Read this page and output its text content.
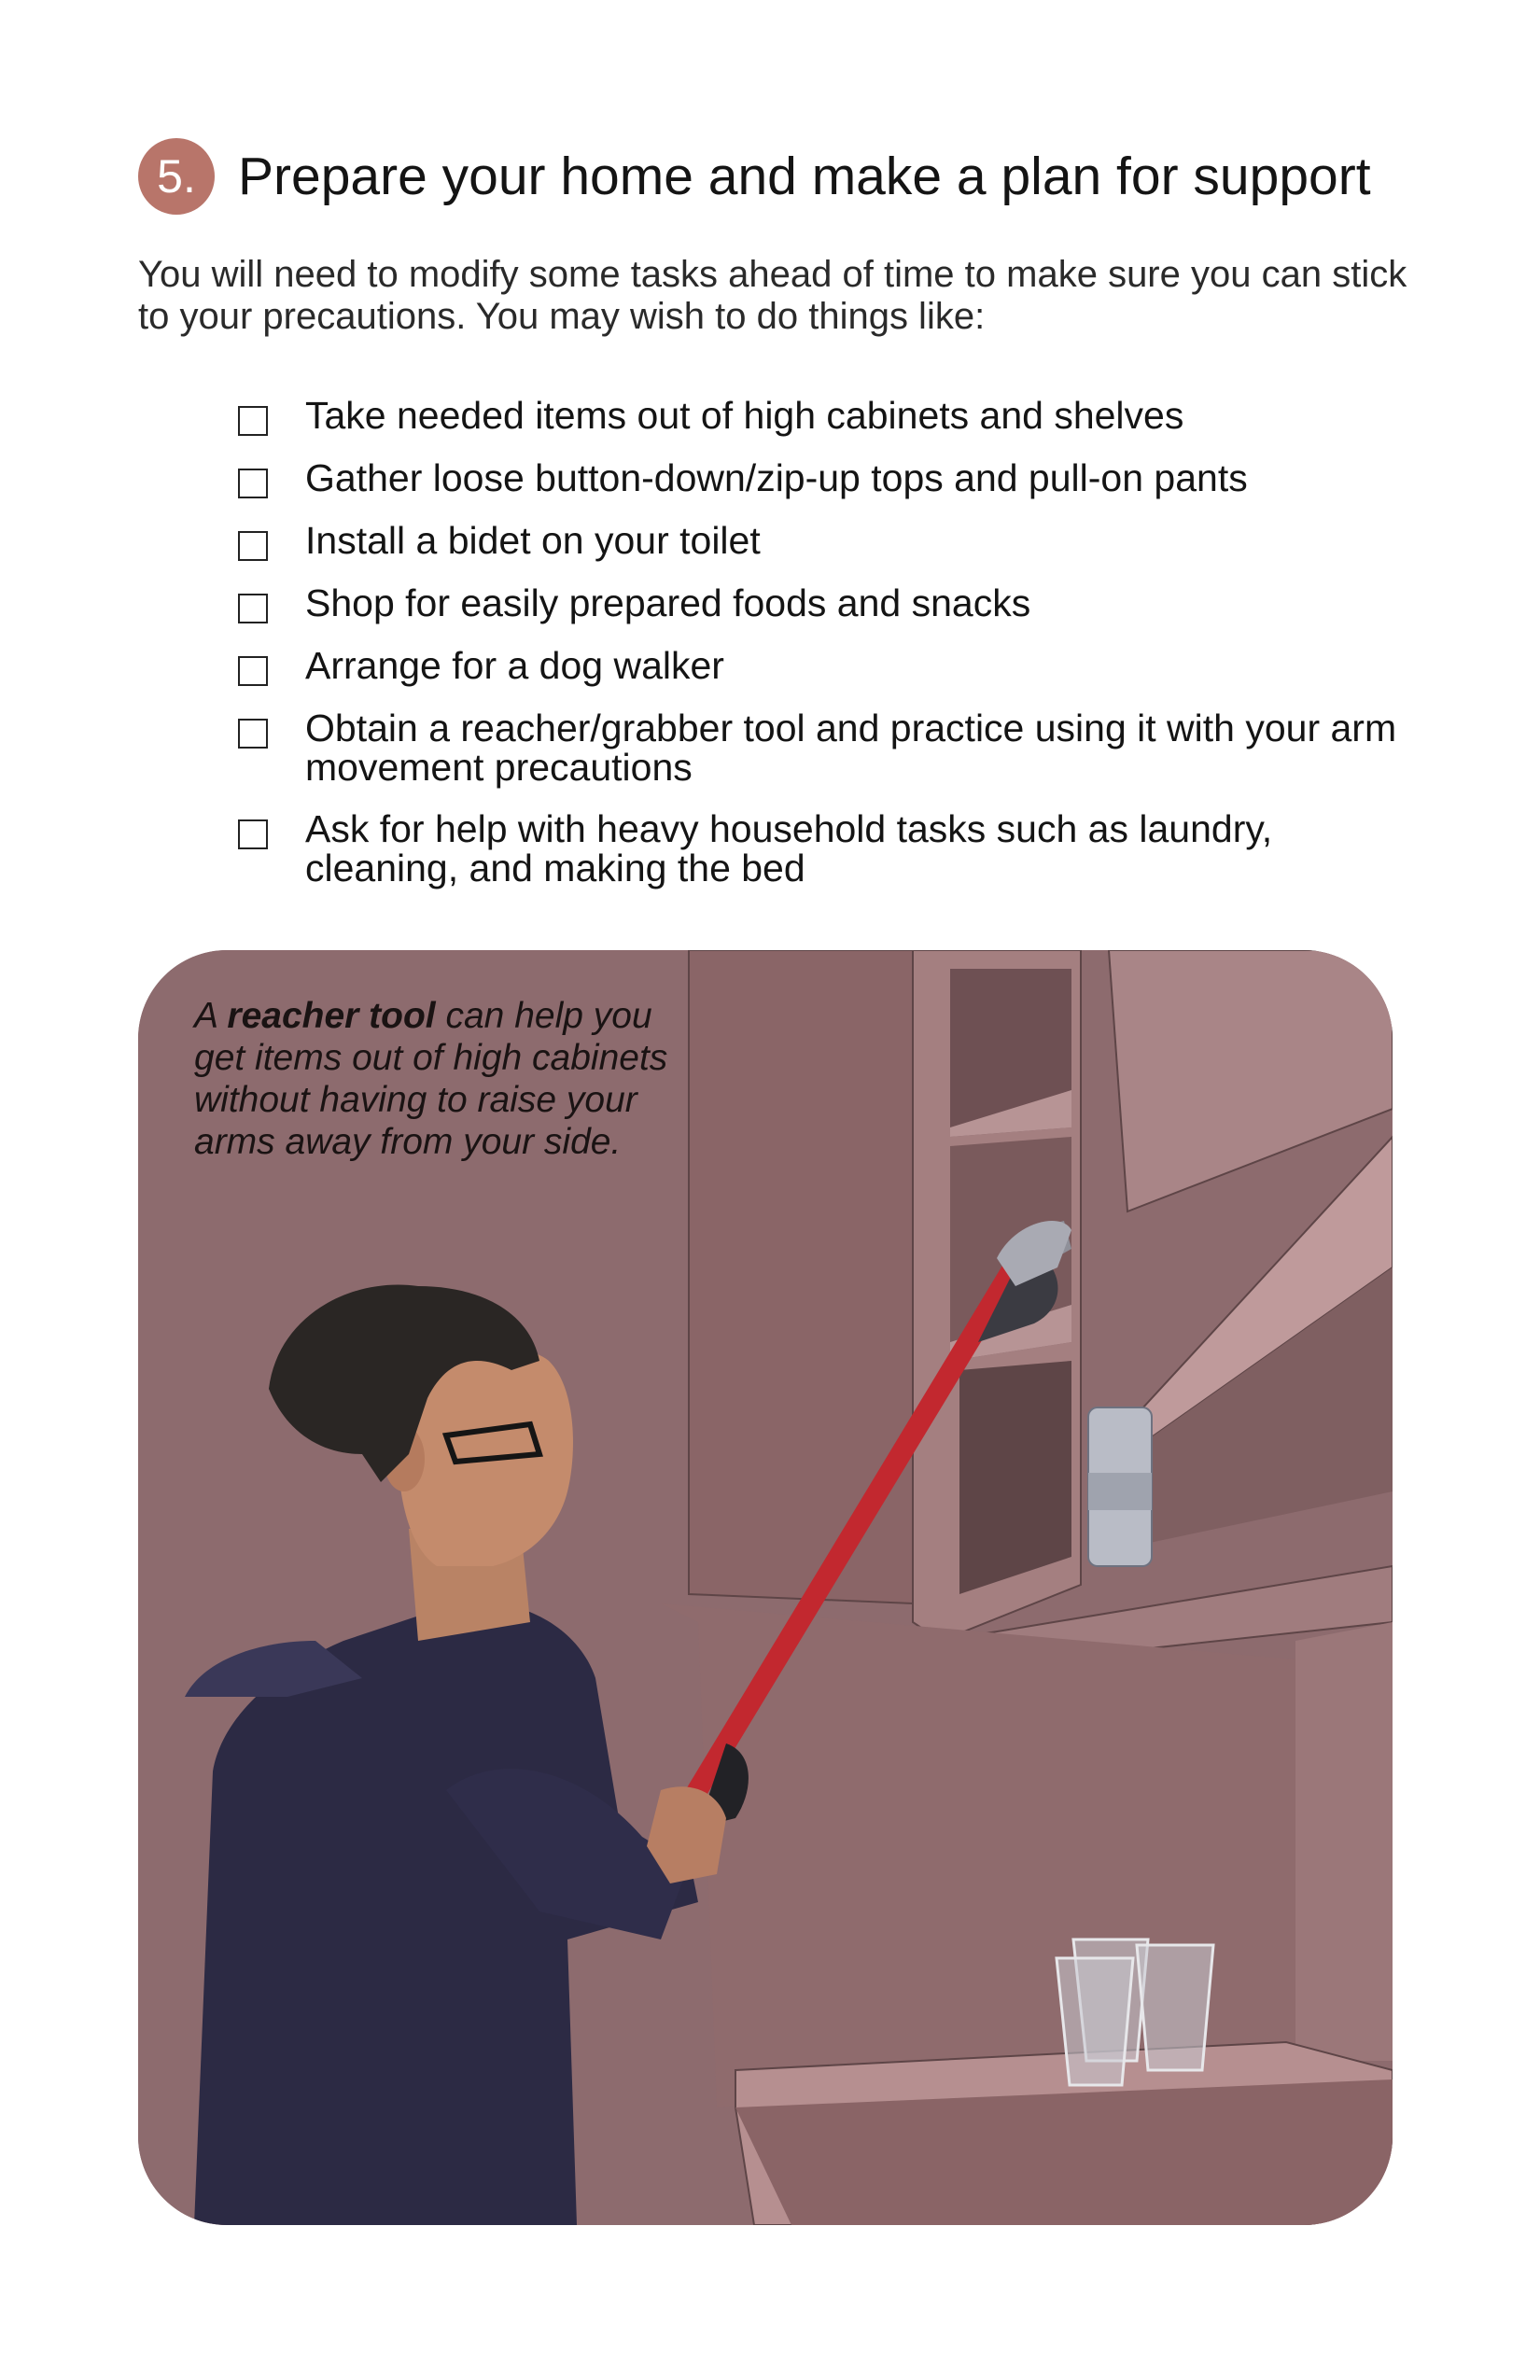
5. Prepare your home and make a plan for support

You will need to modify some tasks ahead of time to make sure you can stick to your precautions. You may wish to do things like:

Take needed items out of high cabinets and shelves
Gather loose button-down/zip-up tops and pull-on pants
Install a bidet on your toilet
Shop for easily prepared foods and snacks
Arrange for a dog walker
Obtain a reacher/grabber tool and practice using it with your arm movement precautions
Ask for help with heavy household tasks such as laundry, cleaning, and making the bed

A reacher tool can help you get items out of high cabinets without having to raise your arms away from your side.
